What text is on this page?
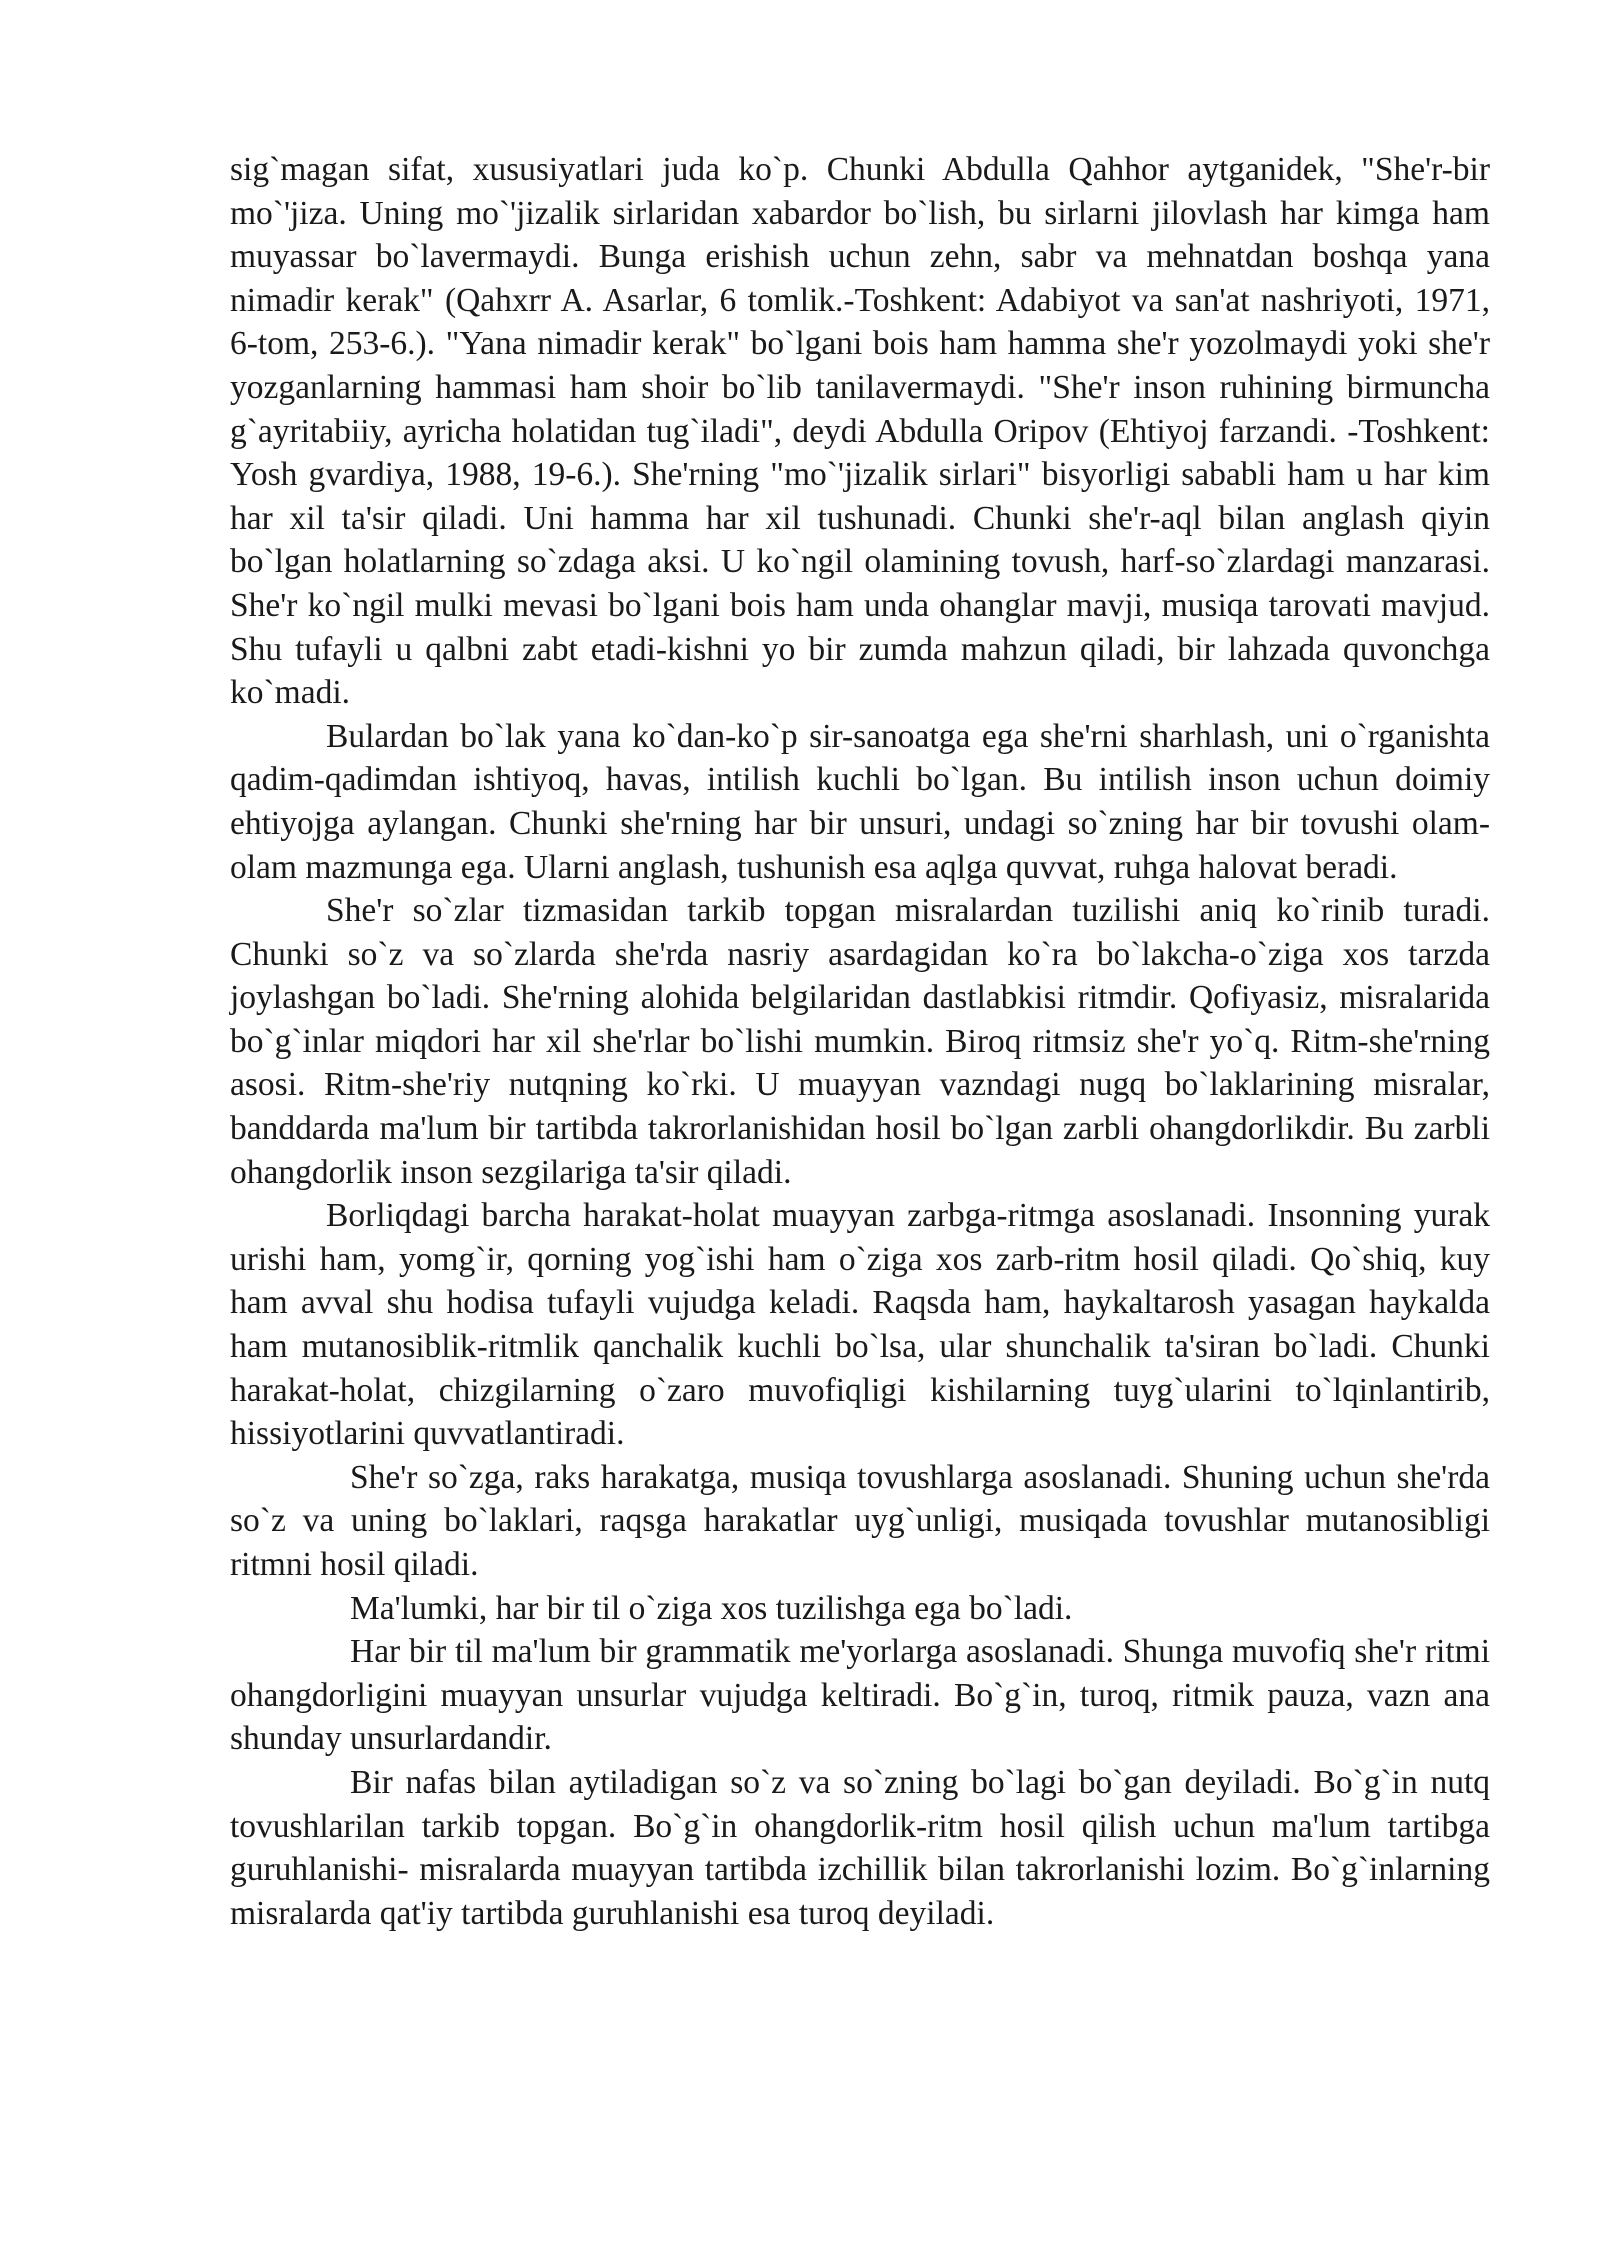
sig`magan sifat, xususiyatlari juda ko`p. Chunki Abdulla Qahhor aytganidek, "She'r-bir mo`'jiza. Uning mo`'jizalik sirlaridan xabardor bo`lish, bu sirlarni jilovlash har kimga ham muyassar bo`lavermaydi. Bunga erishish uchun zehn, sabr va mehnatdan boshqa yana nimadir kerak" (Qahxrr A. Asarlar, 6 tomlik.-Toshkent: Adabiyot va san'at nashriyoti, 1971, 6-tom, 253-6.). "Yana nimadir kerak" bo`lgani bois ham hamma she'r yozolmaydi yoki she'r yozganlarning hammasi ham shoir bo`lib tanilavermaydi. "She'r inson ruhining birmuncha g`ayritabiiy, ayricha holatidan tug`iladi", deydi Abdulla Oripov (Ehtiyoj farzandi. -Toshkent: Yosh gvardiya, 1988, 19-6.). She'rning "mo`'jizalik sirlari" bisyorligi sababli ham u har kim har xil ta'sir qiladi. Uni hamma har xil tushunadi. Chunki she'r-aql bilan anglash qiyin bo`lgan holatlarning so`zdaga aksi. U ko`ngil olamining tovush, harf-so`zlardagi manzarasi. She'r ko`ngil mulki mevasi bo`lgani bois ham unda ohanglar mavji, musiqa tarovati mavjud. Shu tufayli u qalbni zabt etadi-kishni yo bir zumda mahzun qiladi, bir lahzada quvonchga ko`madi.

Bulardan bo`lak yana ko`dan-ko`p sir-sanoatga ega she'rni sharhlash, uni o`rganishta qadim-qadimdan ishtiyoq, havas, intilish kuchli bo`lgan. Bu intilish inson uchun doimiy ehtiyojga aylangan. Chunki she'rning har bir unsuri, undagi so`zning har bir tovushi olam-olam mazmunga ega. Ularni anglash, tushunish esa aqlga quvvat, ruhga halovat beradi.

She'r so`zlar tizmasidan tarkib topgan misralardan tuzilishi aniq ko`rinib turadi. Chunki so`z va so`zlarda she'rda nasriy asardagidan ko`ra bo`lakcha-o`ziga xos tarzda joylashgan bo`ladi. She'rning alohida belgilaridan dastlabkisi ritmdir. Qofiyasiz, misralarida bo`g`inlar miqdori har xil she'rlar bo`lishi mumkin. Biroq ritmsiz she'r yo`q. Ritm-she'rning asosi. Ritm-she'riy nutqning ko`rki. U muayyan vazndagi nugq bo`laklarining misralar, banddarda ma'lum bir tartibda takrorlanishidan hosil bo`lgan zarbli ohangdorlikdir. Bu zarbli ohangdorlik inson sezgilariga ta'sir qiladi.

Borliqdagi barcha harakat-holat muayyan zarbga-ritmga asoslanadi. Insonning yurak urishi ham, yomg`ir, qorning yog`ishi ham o`ziga xos zarb-ritm hosil qiladi. Qo`shiq, kuy ham avval shu hodisa tufayli vujudga keladi. Raqsda ham, haykaltarosh yasagan haykalda ham mutanosiblik-ritmlik qanchalik kuchli bo`lsa, ular shunchalik ta'siran bo`ladi. Chunki harakat-holat, chizgilarning o`zaro muvofiqligi kishilarning tuyg`ularini to`lqinlantirib, hissiyotlarini quvvatlantiradi.

She'r so`zga, raks harakatga, musiqa tovushlarga asoslanadi. Shuning uchun she'rda so`z va uning bo`laklari, raqsga harakatlar uyg`unligi, musiqada tovushlar mutanosibligi ritmni hosil qiladi.

Ma'lumki, har bir til o`ziga xos tuzilishga ega bo`ladi.

Har bir til ma'lum bir grammatik me'yorlarga asoslanadi. Shunga muvofiq she'r ritmi ohangdorligini muayyan unsurlar vujudga keltiradi. Bo`g`in, turoq, ritmik pauza, vazn ana shunday unsurlardandir.

Bir nafas bilan aytiladigan so`z va so`zning bo`lagi bo`gan deyiladi. Bo`g`in nutq tovushlarilan tarkib topgan. Bo`g`in ohangdorlik-ritm hosil qilish uchun ma'lum tartibga guruhlanishi- misralarda muayyan tartibda izchillik bilan takrorlanishi lozim. Bo`g`inlarning misralarda qat'iy tartibda guruhlanishi esa turoq deyiladi.
